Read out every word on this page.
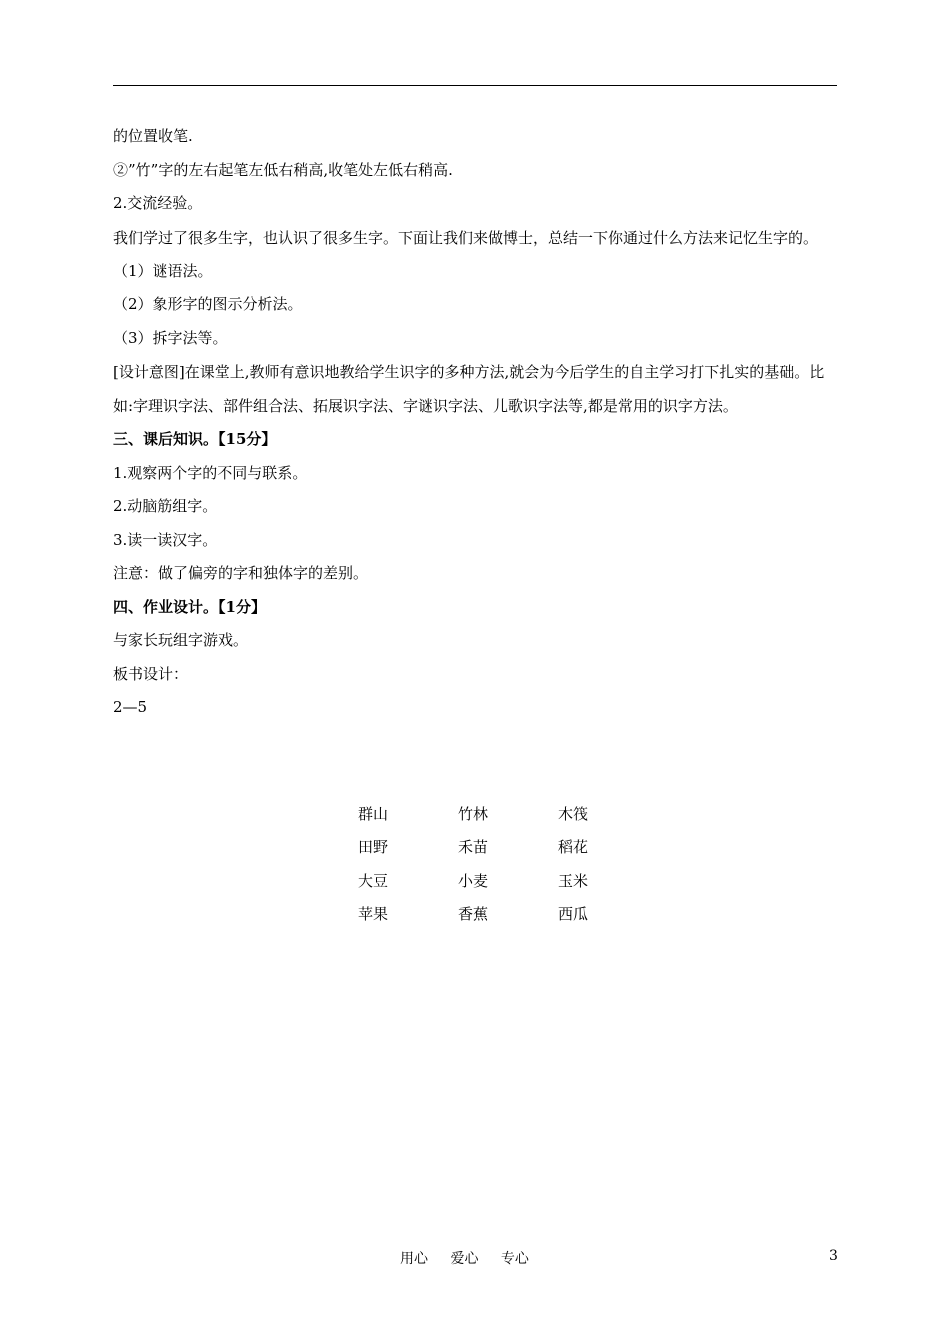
的位置收笔.
②”竹”字的左右起笔左低右稍高,收笔处左低右稍高.
2.交流经验。
我们学过了很多生字，也认识了很多生字。下面让我们来做博士，总结一下你通过什么方法来记忆生字的。
（1）谜语法。
（2）象形字的图示分析法。
（3）拆字法等。
[设计意图]在课堂上,教师有意识地教给学生识字的多种方法,就会为今后学生的自主学习打下扎实的基础。比如:字理识字法、部件组合法、拓展识字法、字谜识字法、儿歌识字法等,都是常用的识字方法。
三、课后知识。【15分】
1.观察两个字的不同与联系。
2.动脑筋组字。
3.读一读汉字。
注意：做了偏旁的字和独体字的差别。
四、作业设计。【1分】
与家长玩组字游戏。
板书设计：
2—5
群山	竹林	木筏
田野	禾苗	稻花
大豆	小麦	玉米
苹果	香蕉	西瓜
用心 爱心 专心	3
